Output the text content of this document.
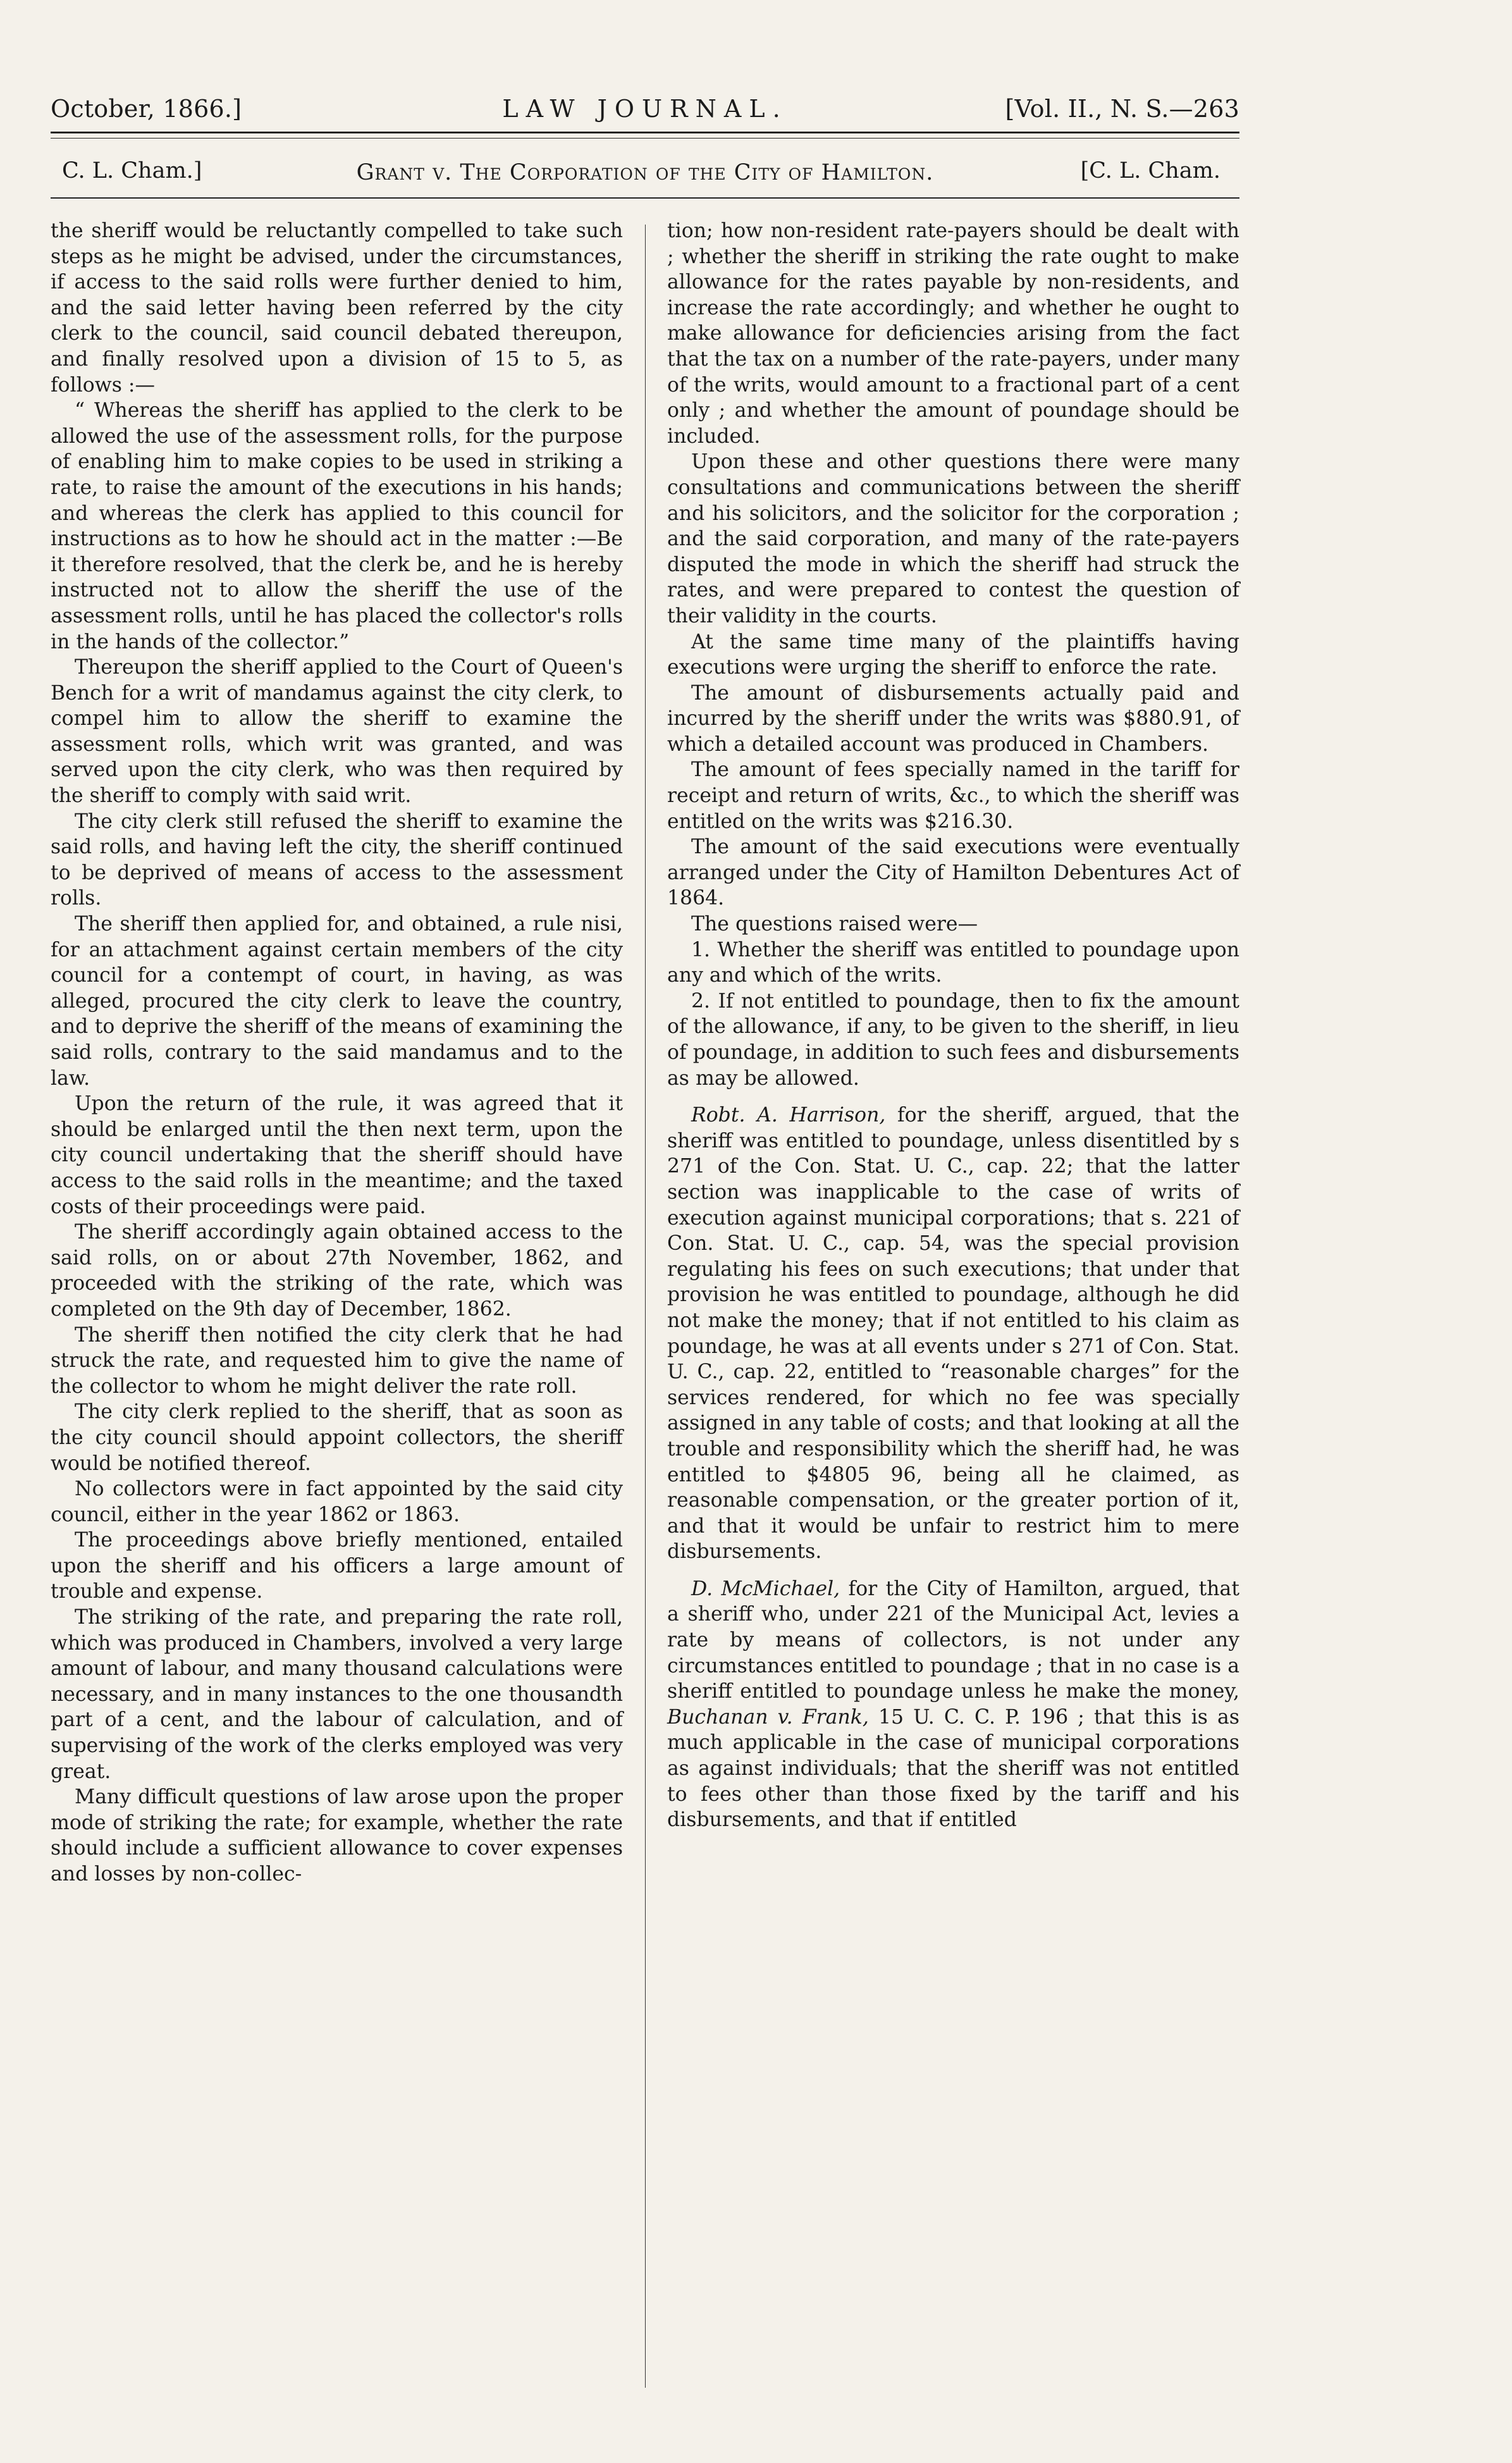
October, 1866.]	LAW JOURNAL.	[Vol. II., N. S.—263
C. L. Cham.]	Grant v. The Corporation of the City of Hamilton.	[C. L. Cham.

the sheriff would be reluctantly compelled to take such steps as he might be advised, under the circumstances, if access to the said rolls were further denied to him, and the said letter having been referred by the city clerk to the council, said council debated thereupon, and finally resolved upon a division of 15 to 5, as follows :—

“ Whereas the sheriff has applied to the clerk to be allowed the use of the assessment rolls, for the purpose of enabling him to make copies to be used in striking a rate, to raise the amount of the executions in his hands; and whereas the clerk has applied to this council for instructions as to how he should act in the matter :—Be it therefore resolved, that the clerk be, and he is hereby instructed not to allow the sheriff the use of the assessment rolls, until he has placed the collector's rolls in the hands of the collector.”

Thereupon the sheriff applied to the Court of Queen's Bench for a writ of mandamus against the city clerk, to compel him to allow the sheriff to examine the assessment rolls, which writ was granted, and was served upon the city clerk, who was then required by the sheriff to comply with said writ.

The city clerk still refused the sheriff to examine the said rolls, and having left the city, the sheriff continued to be deprived of means of access to the assessment rolls.

The sheriff then applied for, and obtained, a rule nisi, for an attachment against certain members of the city council for a contempt of court, in having, as was alleged, procured the city clerk to leave the country, and to deprive the sheriff of the means of examining the said rolls, contrary to the said mandamus and to the law.

Upon the return of the rule, it was agreed that it should be enlarged until the then next term, upon the city council undertaking that the sheriff should have access to the said rolls in the meantime; and the taxed costs of their proceedings were paid.

The sheriff accordingly again obtained access to the said rolls, on or about 27th November, 1862, and proceeded with the striking of the rate, which was completed on the 9th day of December, 1862.

The sheriff then notified the city clerk that he had struck the rate, and requested him to give the name of the collector to whom he might deliver the rate roll.

The city clerk replied to the sheriff, that as soon as the city council should appoint collectors, the sheriff would be notified thereof.

No collectors were in fact appointed by the said city council, either in the year 1862 or 1863.

The proceedings above briefly mentioned, entailed upon the sheriff and his officers a large amount of trouble and expense.

The striking of the rate, and preparing the rate roll, which was produced in Chambers, involved a very large amount of labour, and many thousand calculations were necessary, and in many instances to the one thousandth part of a cent, and the labour of calculation, and of supervising of the work of the clerks employed was very great.

Many difficult questions of law arose upon the proper mode of striking the rate; for example, whether the rate should include a sufficient allowance to cover expenses and losses by non-collec-

tion; how non-resident rate-payers should be dealt with ; whether the sheriff in striking the rate ought to make allowance for the rates payable by non-residents, and increase the rate accordingly; and whether he ought to make allowance for deficiencies arising from the fact that the tax on a number of the rate-payers, under many of the writs, would amount to a fractional part of a cent only ; and whether the amount of poundage should be included.

Upon these and other questions there were many consultations and communications between the sheriff and his solicitors, and the solicitor for the corporation ; and the said corporation, and many of the rate-payers disputed the mode in which the sheriff had struck the rates, and were prepared to contest the question of their validity in the courts.

At the same time many of the plaintiffs having executions were urging the sheriff to enforce the rate.

The amount of disbursements actually paid and incurred by the sheriff under the writs was $880.91, of which a detailed account was produced in Chambers.

The amount of fees specially named in the tariff for receipt and return of writs, &c., to which the sheriff was entitled on the writs was $216.30.

The amount of the said executions were eventually arranged under the City of Hamilton Debentures Act of 1864.

The questions raised were—

1. Whether the sheriff was entitled to poundage upon any and which of the writs.

2. If not entitled to poundage, then to fix the amount of the allowance, if any, to be given to the sheriff, in lieu of poundage, in addition to such fees and disbursements as may be allowed.

Robt. A. Harrison, for the sheriff, argued, that the sheriff was entitled to poundage, unless disentitled by s 271 of the Con. Stat. U. C., cap. 22; that the latter section was inapplicable to the case of writs of execution against municipal corporations; that s. 221 of Con. Stat. U. C., cap. 54, was the special provision regulating his fees on such executions; that under that provision he was entitled to poundage, although he did not make the money; that if not entitled to his claim as poundage, he was at all events under s 271 of Con. Stat. U. C., cap. 22, entitled to “reasonable charges” for the services rendered, for which no fee was specially assigned in any table of costs; and that looking at all the trouble and responsibility which the sheriff had, he was entitled to $4805 96, being all he claimed, as reasonable compensation, or the greater portion of it, and that it would be unfair to restrict him to mere disbursements.

D. McMichael, for the City of Hamilton, argued, that a sheriff who, under 221 of the Municipal Act, levies a rate by means of collectors, is not under any circumstances entitled to poundage ; that in no case is a sheriff entitled to poundage unless he make the money, Buchanan v. Frank, 15 U. C. C. P. 196 ; that this is as much applicable in the case of municipal corporations as against individuals; that the sheriff was not entitled to fees other than those fixed by the tariff and his disbursements, and that if entitled
